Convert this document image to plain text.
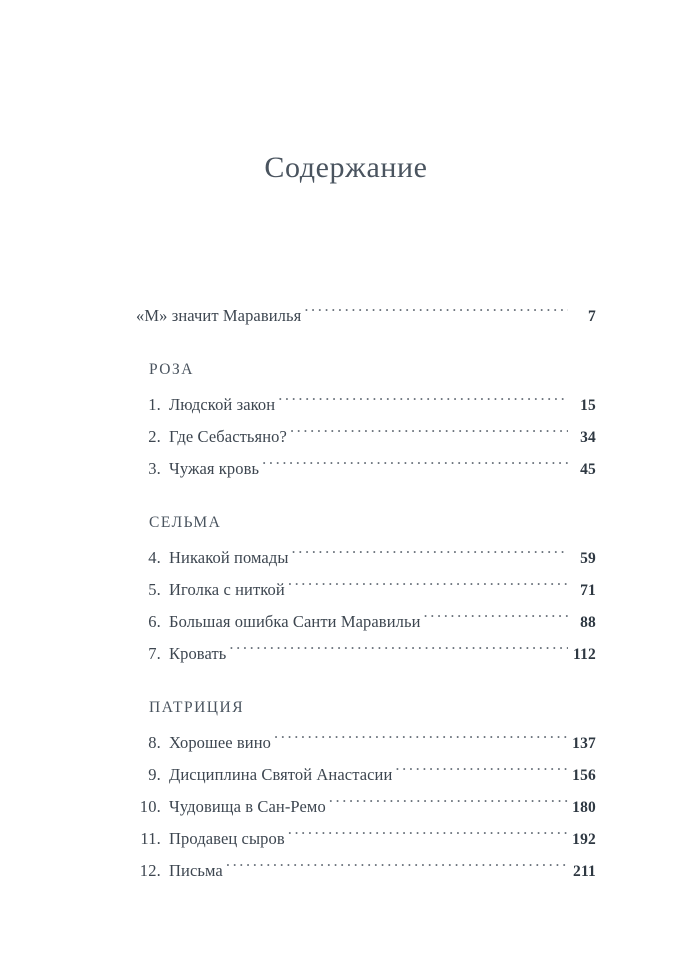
Содержание
«М» значит Маравилья .....	7
РОЗА
1. Людской закон .....	15
2. Где Себастьяно? .....	34
3. Чужая кровь .....	45
СЕЛЬМА
4. Никакой помады .....	59
5. Иголка с ниткой .....	71
6. Большая ошибка Санти Маравильи .....	88
7. Кровать .....	112
ПАТРИЦИЯ
8. Хорошее вино .....	137
9. Дисциплина Святой Анастасии .....	156
10. Чудовища в Сан-Ремо .....	180
11. Продавец сыров .....	192
12. Письма .....	211
